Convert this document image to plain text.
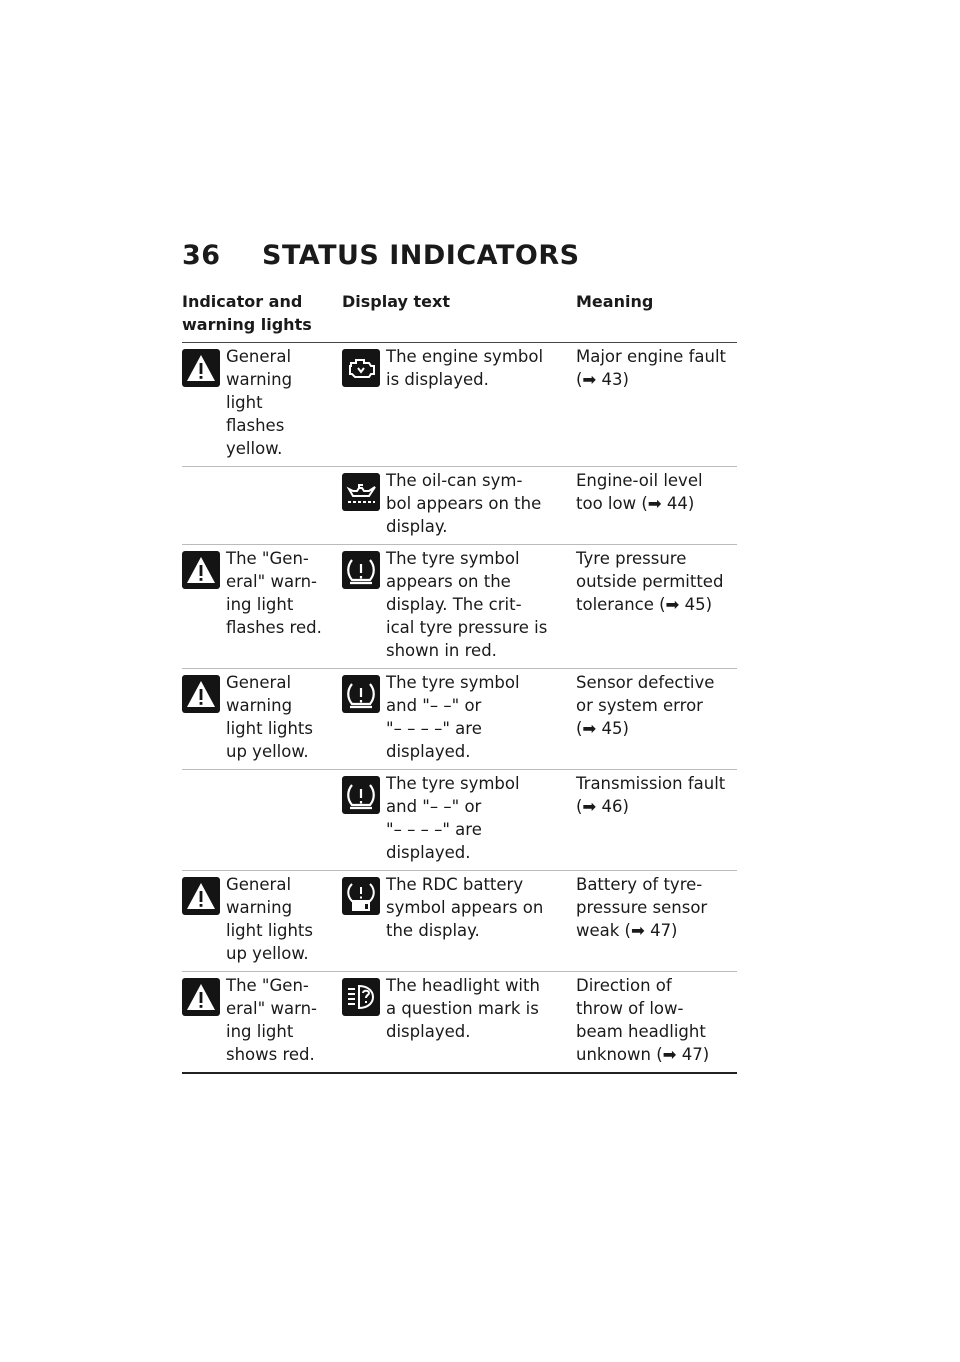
36 STATUS INDICATORS
Indicator and
warning lights	Display text	Meaning

General
warning
light
flashes
yellow.	The engine symbol
is displayed.	Major engine fault
(➡ 43)

	The oil-can sym-
bol appears on the
display.	Engine-oil level
too low (➡ 44)

The "Gen-
eral" warn-
ing light
flashes red.	The tyre symbol
appears on the
display. The crit-
ical tyre pressure is
shown in red.	Tyre pressure
outside permitted
tolerance (➡ 45)

General
warning
light lights
up yellow.	The tyre symbol
and "– –" or
"– – – –" are
displayed.	Sensor defective
or system error
(➡ 45)

	The tyre symbol
and "– –" or
"– – – –" are
displayed.	Transmission fault
(➡ 46)

General
warning
light lights
up yellow.	The RDC battery
symbol appears on
the display.	Battery of tyre-
pressure sensor
weak (➡ 47)

The "Gen-
eral" warn-
ing light
shows red.	The headlight with
a question mark is
displayed.	Direction of
throw of low-
beam headlight
unknown (➡ 47)
